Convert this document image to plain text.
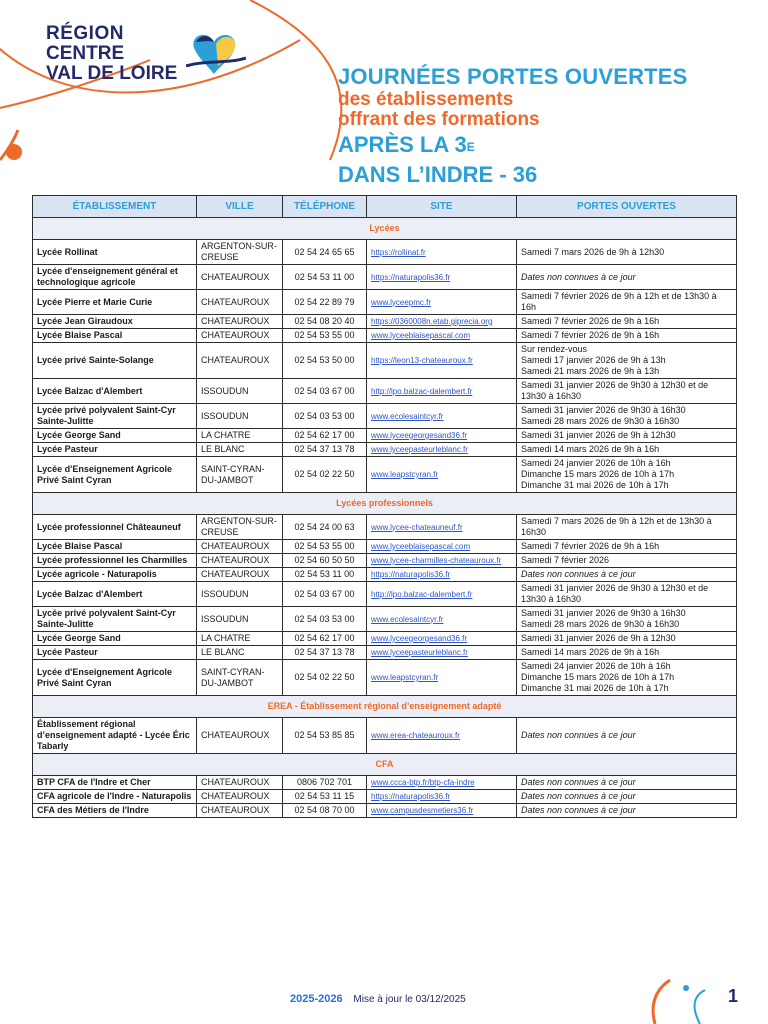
RÉGION
CENTRE
VAL DE LOIRE	JOURNÉES PORTES OUVERTES
des établissements
offrant des formations
APRÈS LA $3^E$
DANS L’INDRE - 36
ÉTABLISSEMENT	VILLE	TÉLÉPHONE	SITE	PORTES OUVERTES
Lycées				
Lycée Rollinat	ARGENTON-SUR-CREUSE	02 54 24 65 65	https://rollinat.fr	Samedi 7 mars 2026 de 9h à 12h30

Lycée d'enseignement général et technologique agricole	CHATEAUROUX	02 54 53 11 00	https://naturapolis36.fr	Dates non connues à ce jour

Lycée Pierre et Marie Curie	CHATEAUROUX	02 54 22 89 79	www.lyceepmc.fr	Samedi 7 février 2026 de 9h à 12h et de 13h30 à 16h

Lycée Jean Giraudoux	CHATEAUROUX	02 54 08 20 40	https://0360008n.etab.giprecia.org	Samedi 7 février 2026 de 9h à 16h

Lycée Blaise Pascal	CHATEAUROUX	02 54 53 55 00	www.lyceeblaisepascal.com	Samedi 7 février 2026 de 9h à 16h

Lycée privé Sainte-Solange	CHATEAUROUX	02 54 53 50 00	https://leon13-chateauroux.fr	Sur rendez-vous
Samedi 17 janvier 2026 de 9h à 13h
Samedi 21 mars 2026 de 9h à 13h

Lycée Balzac d'Alembert	ISSOUDUN	02 54 03 67 00	http://lpo.balzac-dalembert.fr	Samedi 31 janvier 2026 de 9h30 à 12h30 et de 13h30 à 16h30

Lycée privé polyvalent Saint-Cyr Sainte-Julitte	ISSOUDUN	02 54 03 53 00	www.ecolesaintcyr.fr	Samedi 31 janvier 2026 de 9h30 à 16h30
Samedi 28 mars 2026 de 9h30 à 16h30

Lycée George Sand	LA CHATRE	02 54 62 17 00	www.lyceegeorgesand36.fr	Samedi 31 janvier 2026 de 9h à 12h30

Lycée Pasteur	LE BLANC	02 54 37 13 78	www.lyceepasteurleblanc.fr	Samedi 14 mars 2026 de 9h à 16h

Lycée d'Enseignement Agricole Privé Saint Cyran	SAINT-CYRAN-DU-JAMBOT	02 54 02 22 50	www.leapstcyran.fr	Samedi 24 janvier 2026 de 10h à 16h
Dimanche 15 mars 2026 de 10h à 17h
Dimanche 31 mai 2026 de 10h à 17h

Lycées professionnels				
Lycée professionnel Châteauneuf	ARGENTON-SUR-CREUSE	02 54 24 00 63	www.lycee-chateauneuf.fr	Samedi 7 mars 2026 de 9h à 12h et de 13h30 à 16h30

Lycée Blaise Pascal	CHATEAUROUX	02 54 53 55 00	www.lyceeblaisepascal.com	Samedi 7 février 2026 de 9h à 16h

Lycée professionnel les Charmilles	CHATEAUROUX	02 54 60 50 50	www.lycee-charmilles-chateauroux.fr	Samedi 7 février 2026

Lycée agricole - Naturapolis	CHATEAUROUX	02 54 53 11 00	https://naturapolis36.fr	Dates non connues à ce jour

Lycée Balzac d'Alembert	ISSOUDUN	02 54 03 67 00	http://lpo.balzac-dalembert.fr	Samedi 31 janvier 2026 de 9h30 à 12h30 et de 13h30 à 16h30

Lycée privé polyvalent Saint-Cyr Sainte-Julitte	ISSOUDUN	02 54 03 53 00	www.ecolesaintcyr.fr	Samedi 31 janvier 2026 de 9h30 à 16h30
Samedi 28 mars 2026 de 9h30 à 16h30

Lycée George Sand	LA CHATRE	02 54 62 17 00	www.lyceegeorgesand36.fr	Samedi 31 janvier 2026 de 9h à 12h30

Lycée Pasteur	LE BLANC	02 54 37 13 78	www.lyceepasteurleblanc.fr	Samedi 14 mars 2026 de 9h à 16h

Lycée d'Enseignement Agricole Privé Saint Cyran	SAINT-CYRAN-DU-JAMBOT	02 54 02 22 50	www.leapstcyran.fr	Samedi 24 janvier 2026 de 10h à 16h
Dimanche 15 mars 2026 de 10h à 17h
Dimanche 31 mai 2026 de 10h à 17h

EREA - Établissement régional d’enseignement adapté				
Établissement régional d’enseignement adapté - Lycée Éric Tabarly	CHATEAUROUX	02 54 53 85 85	www.erea-chateauroux.fr	Dates non connues à ce jour

CFA				
BTP CFA de l'Indre et Cher	CHATEAUROUX	0806 702 701	www.ccca-btp.fr/btp-cfa-indre	Dates non connues à ce jour

CFA agricole de l'Indre - Naturapolis	CHATEAUROUX	02 54 53 11 15	https://naturapolis36.fr	Dates non connues à ce jour

CFA des Métiers de l'Indre	CHATEAUROUX	02 54 08 70 00	www.campusdesmetiers36.fr	Dates non connues à ce jour
2025-2026 Mise à jour le 03/12/2025	1
